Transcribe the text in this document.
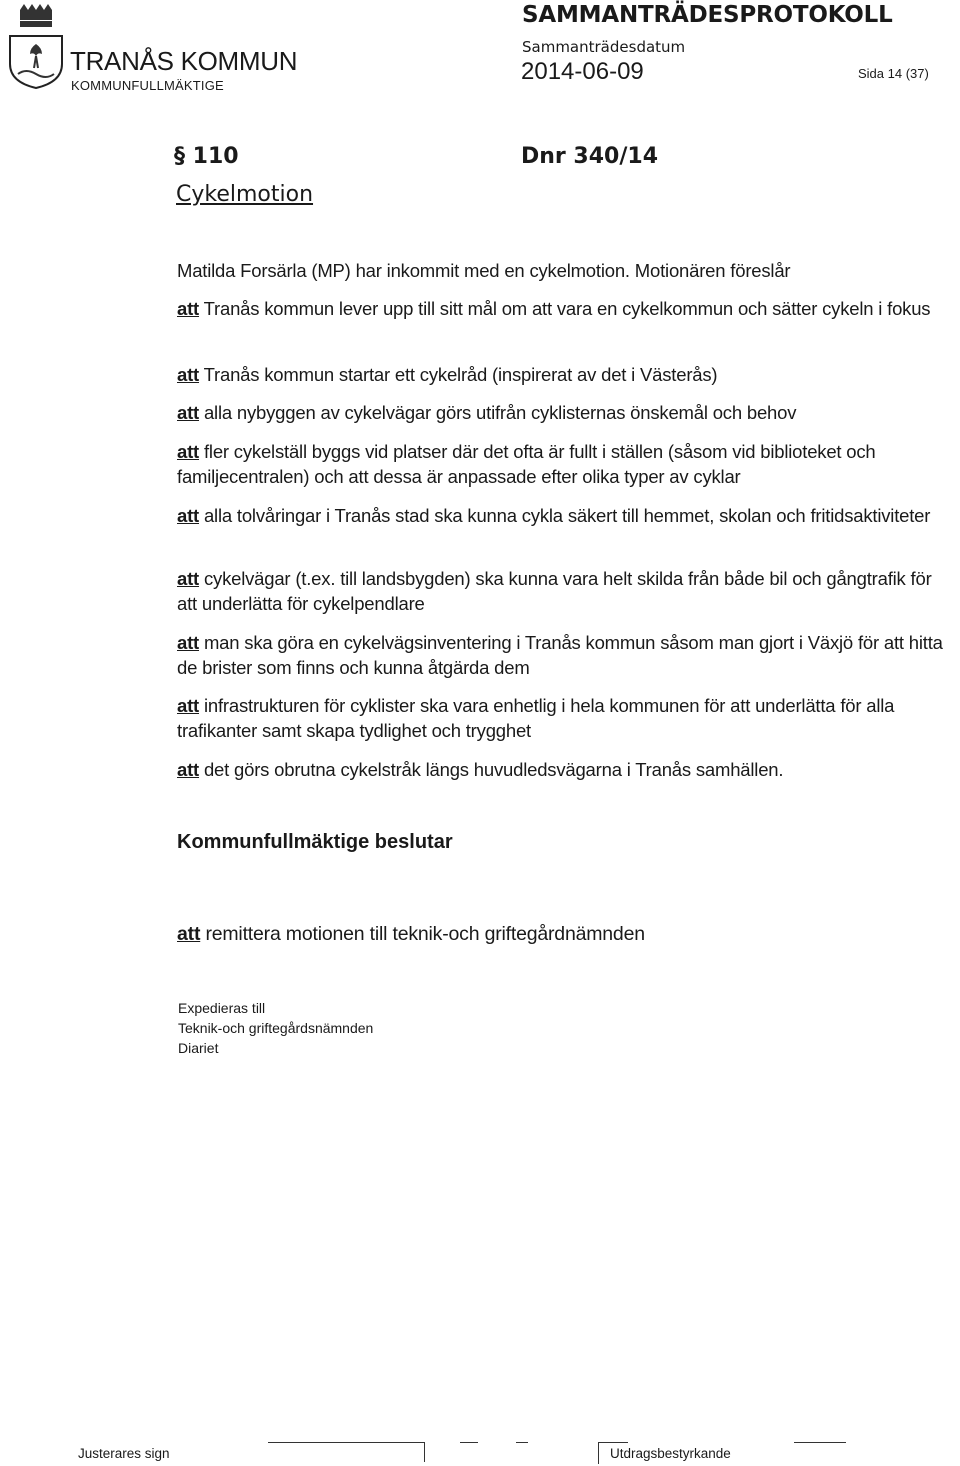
TRANÅS KOMMUN
KOMMUNFULLMÄKTIGE
SAMMANTRÄDESPROTOKOLL
Sammanträdesdatum
2014-06-09	Sida 14 (37)
§ 110	Dnr 340/14
Cykelmotion
Matilda Forsärla (MP) har inkommit med en cykelmotion. Motionären föreslår
att Tranås kommun lever upp till sitt mål om att vara en cykelkommun och sätter cykeln i fokus
att Tranås kommun startar ett cykelråd (inspirerat av det i Västerås)
att alla nybyggen av cykelvägar görs utifrån cyklisternas önskemål och behov
att fler cykelställ byggs vid platser där det ofta är fullt i ställen (såsom vid biblioteket och familjecentralen) och att dessa är anpassade efter olika typer av cyklar
att alla tolvåringar i Tranås stad ska kunna cykla säkert till hemmet, skolan och fritidsaktiviteter
att cykelvägar (t.ex. till landsbygden) ska kunna vara helt skilda från både bil och gångtrafik för att underlätta för cykelpendlare
att man ska göra en cykelvägsinventering i Tranås kommun såsom man gjort i Växjö för att hitta de brister som finns och kunna åtgärda dem
att infrastrukturen för cyklister ska vara enhetlig i hela kommunen för att underlätta för alla trafikanter samt skapa tydlighet och trygghet
att det görs obrutna cykelstråk längs huvudledsvägarna i Tranås samhällen.
Kommunfullmäktige beslutar
att remittera motionen till teknik-och griftegårdnämnden
Expedieras till
Teknik-och griftegårdsnämnden
Diariet
Justerares sign	Utdragsbestyrkande
